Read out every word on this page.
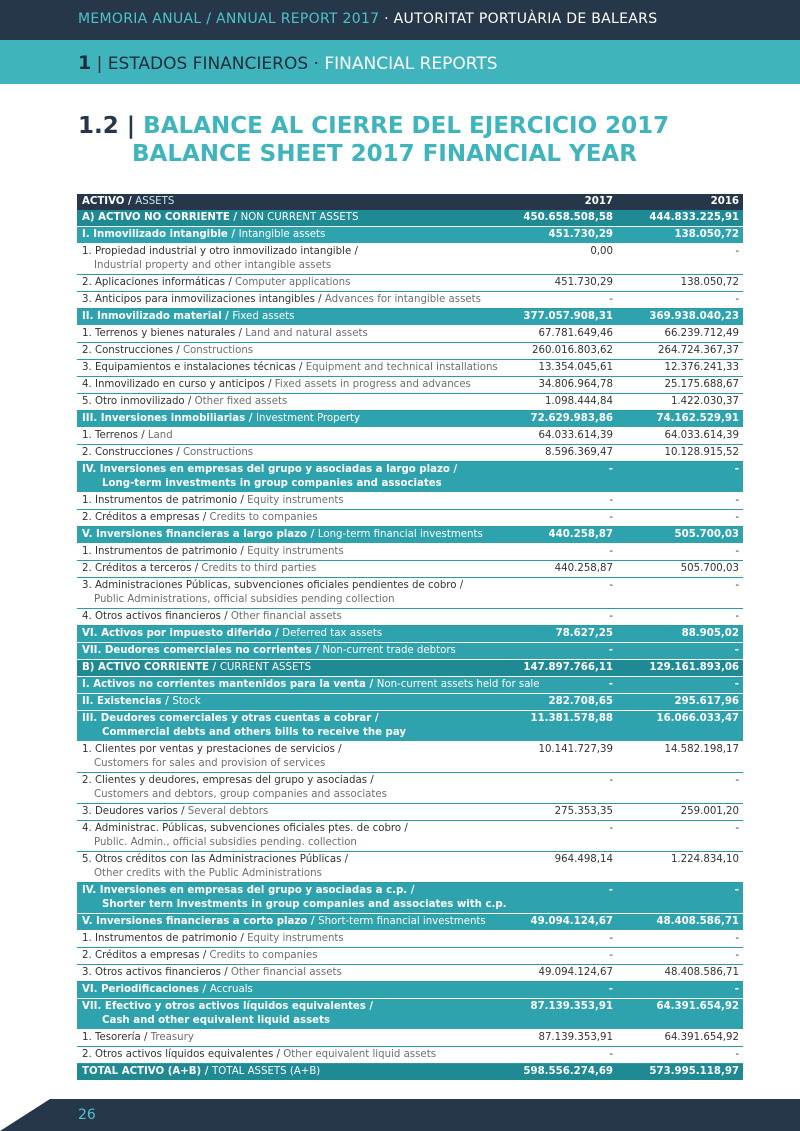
MEMORIA ANUAL / ANNUAL REPORT 2017 · AUTORITAT PORTUÀRIA DE BALEARS
1 | ESTADOS FINANCIEROS · FINANCIAL REPORTS
1.2 | BALANCE AL CIERRE DEL EJERCICIO 2017
BALANCE SHEET 2017 FINANCIAL YEAR
ACTIVO / ASSETS	2017	2016
A) ACTIVO NO CORRIENTE / NON CURRENT ASSETS	450.658.508,58	444.833.225,91
I. Inmovilizado intangible / Intangible assets	451.730,29	138.050,72
1. Propiedad industrial y otro inmovilizado intangible /
Industrial property and other intangible assets	0,00	-
2. Aplicaciones informáticas / Computer applications	451.730,29	138.050,72
3. Anticipos para inmovilizaciones intangibles / Advances for intangible assets	-	-
II. Inmovilizado material / Fixed assets	377.057.908,31	369.938.040,23
1. Terrenos y bienes naturales / Land and natural assets	67.781.649,46	66.239.712,49
2. Construcciones / Constructions	260.016.803,62	264.724.367,37
3. Equipamientos e instalaciones técnicas / Equipment and technical installations	13.354.045,61	12.376.241,33
4. Inmovilizado en curso y anticipos / Fixed assets in progress and advances	34.806.964,78	25.175.688,67
5. Otro inmovilizado / Other fixed assets	1.098.444,84	1.422.030,37
III. Inversiones inmobiliarias / Investment Property	72.629.983,86	74.162.529,91
1. Terrenos / Land	64.033.614,39	64.033.614,39
2. Construcciones / Constructions	8.596.369,47	10.128.915,52
IV. Inversiones en empresas del grupo y asociadas a largo plazo /
Long-term investments in group companies and associates	-	-
1. Instrumentos de patrimonio / Equity instruments	-	-
2. Créditos a empresas / Credits to companies	-	-
V. Inversiones financieras a largo plazo / Long-term financial investments	440.258,87	505.700,03
1. Instrumentos de patrimonio / Equity instruments	-	-
2. Créditos a terceros / Credits to third parties	440.258,87	505.700,03
3. Administraciones Públicas, subvenciones oficiales pendientes de cobro /
Public Administrations, official subsidies pending collection	-	-
4. Otros activos financieros / Other financial assets	-	-
VI. Activos por impuesto diferido / Deferred tax assets	78.627,25	88.905,02
VII. Deudores comerciales no corrientes / Non-current trade debtors	-	-
B) ACTIVO CORRIENTE / CURRENT ASSETS	147.897.766,11	129.161.893,06
I. Activos no corrientes mantenidos para la venta / Non-current assets held for sale	-	-
II. Existencias / Stock	282.708,65	295.617,96
III. Deudores comerciales y otras cuentas a cobrar /
Commercial debts and others bills to receive the pay	11.381.578,88	16.066.033,47
1. Clientes por ventas y prestaciones de servicios /
Customers for sales and provision of services	10.141.727,39	14.582.198,17
2. Clientes y deudores, empresas del grupo y asociadas /
Customers and debtors, group companies and associates	-	-
3. Deudores varios / Several debtors	275.353,35	259.001,20
4. Administrac. Públicas, subvenciones oficiales ptes. de cobro /
Public. Admin., official subsidies pending. collection	-	-
5. Otros créditos con las Administraciones Públicas /
Other credits with the Public Administrations	964.498,14	1.224.834,10
IV. Inversiones en empresas del grupo y asociadas a c.p. /
Shorter tern Investments in group companies and associates with c.p.	-	-
V. Inversiones financieras a corto plazo / Short-term financial investments	49.094.124,67	48.408.586,71
1. Instrumentos de patrimonio / Equity instruments	-	-
2. Créditos a empresas / Credits to companies	-	-
3. Otros activos financieros / Other financial assets	49.094.124,67	48.408.586,71
VI. Periodificaciones / Accruals	-	-
VII. Efectivo y otros activos líquidos equivalentes /
Cash and other equivalent liquid assets	87.139.353,91	64.391.654,92
1. Tesorería / Treasury	87.139.353,91	64.391.654,92
2. Otros activos líquidos equivalentes / Other equivalent liquid assets	-	-
TOTAL ACTIVO (A+B) / TOTAL ASSETS (A+B)	598.556.274,69	573.995.118,97
26
